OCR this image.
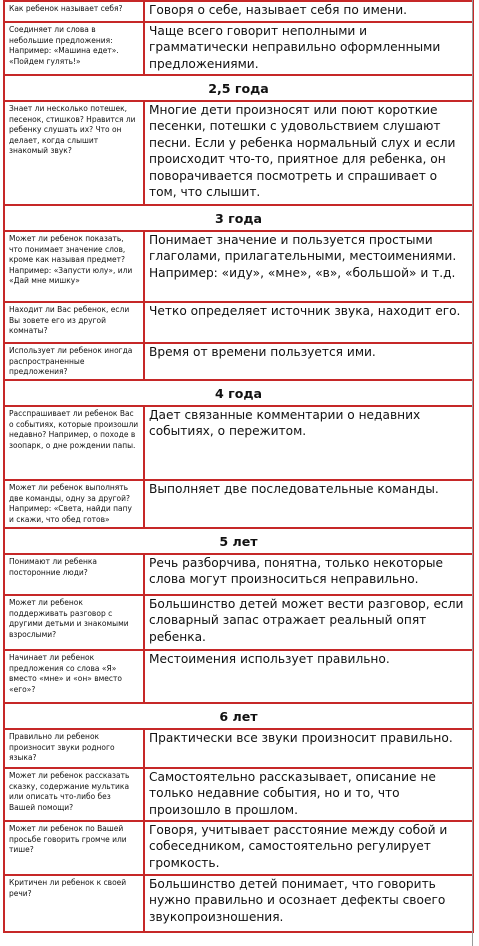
Как ребенок называет себя?	Говоря о себе, называет себя по имени.
Соединяет ли слова в небольшие предложения: Например: «Машина едет». «Пойдем гулять!»	Чаще всего говорит неполными и грамматически неправильно оформленными предложениями.
2,5 года	
Знает ли несколько потешек, песенок, стишков? Нравится ли ребенку слушать их? Что он делает, когда слышит знакомый звук?	Многие дети произносят или поют короткие песенки, потешки с удовольствием слушают песни. Если у ребенка нормальный слух и если происходит что-то, приятное для ребенка, он поворачивается посмотреть и спрашивает о том, что слышит.
3 года	
Может ли ребенок показать, что понимает значение слов, кроме как называя предмет? Например: «Запусти юлу», или «Дай мне мишку»	Понимает значение и пользуется простыми глаголами, прилагательными, местоимениями. Например: «иду», «мне», «в», «большой» и т.д.
Находит ли Вас ребенок, если Вы зовете его из другой комнаты?	Четко определяет источник звука, находит его.
Использует ли ребенок иногда распространенные предложения?	Время от времени пользуется ими.
4 года	
Расспрашивает ли ребенок Вас о событиях, которые произошли недавно? Например, о походе в зоопарк, о дне рождении папы.	Дает связанные комментарии о недавних событиях, о пережитом.
Может ли ребенок выполнять две команды, одну за другой? Например: «Света, найди папу и скажи, что обед готов»	Выполняет две последовательные команды.
5 лет	
Понимают ли ребенка посторонние люди?	Речь разборчива, понятна, только некоторые слова могут произноситься неправильно.
Может ли ребенок поддерживать разговор с другими детьми и знакомыми взрослыми?	Большинство детей может вести разговор, если словарный запас отражает реальный опят ребенка.
Начинает ли ребенок предложения со слова «Я» вместо «мне» и «он» вместо «его»?	Местоимения использует правильно.
6 лет	
Правильно ли ребенок произносит звуки родного языка?	Практически все звуки произносит правильно.
Может ли ребенок рассказать сказку, содержание мультика или описать что-либо без Вашей помощи?	Самостоятельно рассказывает, описание не только недавние события, но и то, что произошло в прошлом.
Может ли ребенок по Вашей просьбе говорить громче или тише?	Говоря, учитывает расстояние между собой и собеседником, самостоятельно регулирует громкость.
Критичен ли ребенок к своей речи?	Большинство детей понимает, что говорить нужно правильно и осознает дефекты своего звукопроизношения.
